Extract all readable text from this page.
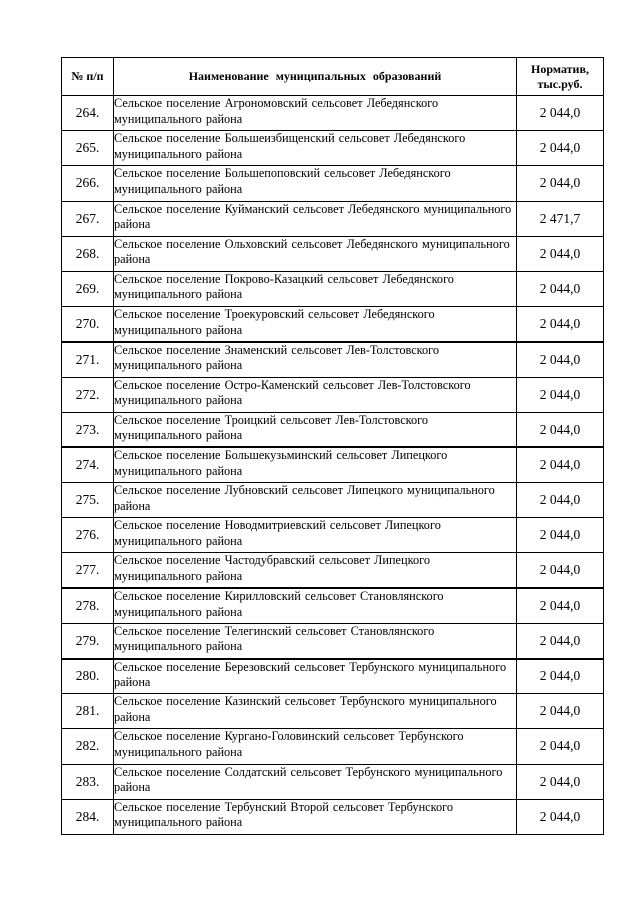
№ п/п	Наименование муниципальных образований	Норматив,
тыс.руб.

264.	Сельское поселение Агрономовский сельсовет Лебедянского муниципального района	2 044,0
265.	Сельское поселение Большеизбищенский сельсовет Лебедянского муниципального района	2 044,0
266.	Сельское поселение Большепоповский сельсовет Лебедянского муниципального района	2 044,0
267.	Сельское поселение Куйманский сельсовет Лебедянского муниципального района	2 471,7
268.	Сельское поселение Ольховский сельсовет Лебедянского муниципального района	2 044,0
269.	Сельское поселение Покрово-Казацкий сельсовет Лебедянского муниципального района	2 044,0
270.	Сельское поселение Троекуровский сельсовет Лебедянского муниципального района	2 044,0
271.	Сельское поселение Знаменский сельсовет Лев-Толстовского муниципального района	2 044,0
272.	Сельское поселение Остро-Каменский сельсовет Лев-Толстовского муниципального района	2 044,0
273.	Сельское поселение Троицкий сельсовет Лев-Толстовского муниципального района	2 044,0
274.	Сельское поселение Большекузьминский сельсовет Липецкого муниципального района	2 044,0
275.	Сельское поселение Лубновский сельсовет Липецкого муниципального района	2 044,0
276.	Сельское поселение Новодмитриевский сельсовет Липецкого муниципального района	2 044,0
277.	Сельское поселение Частодубравский сельсовет Липецкого муниципального района	2 044,0
278.	Сельское поселение Кирилловский сельсовет Становлянского муниципального района	2 044,0
279.	Сельское поселение Телегинский сельсовет Становлянского муниципального района	2 044,0
280.	Сельское поселение Березовский сельсовет Тербунского муниципального района	2 044,0
281.	Сельское поселение Казинский сельсовет Тербунского муниципального района	2 044,0
282.	Сельское поселение Кургано-Головинский сельсовет Тербунского муниципального района	2 044,0
283.	Сельское поселение Солдатский сельсовет Тербунского муниципального района	2 044,0
284.	Сельское поселение Тербунский Второй сельсовет Тербунского муниципального района	2 044,0
